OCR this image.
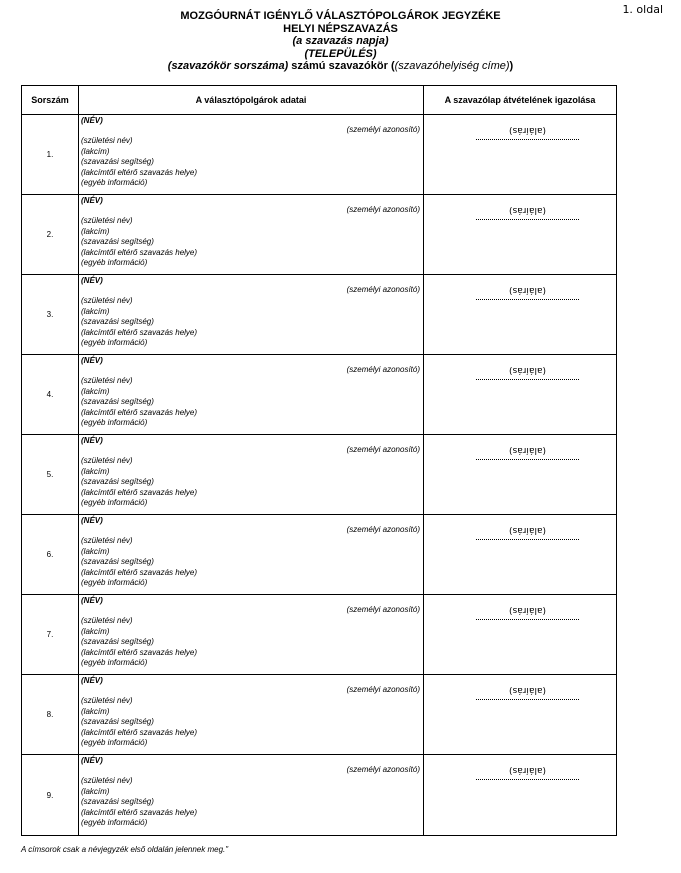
1. oldal
MOZGÓURNÁT IGÉNYLŐ VÁLASZTÓPOLGÁROK JEGYZÉKE
HELYI NÉPSZAVAZÁS
(a szavazás napja)
(TELEPÜLÉS)
(szavazókör sorszáma) számú szavazókör ((szavazóhelyiség címe))
Sorszám	A választópolgárok adatai	A szavazólap átvételének igazolása
1.
(NÉV)
(személyi azonosító)
(születési név)
(lakcím)
(szavazási segítség)
(lakcímtől eltérő szavazás helye)
(egyéb információ)
(aláírás)
2.
(NÉV)
(személyi azonosító)
(születési név)
(lakcím)
(szavazási segítség)
(lakcímtől eltérő szavazás helye)
(egyéb információ)
(aláírás)
3.
(NÉV)
(személyi azonosító)
(születési név)
(lakcím)
(szavazási segítség)
(lakcímtől eltérő szavazás helye)
(egyéb információ)
(aláírás)
4.
(NÉV)
(személyi azonosító)
(születési név)
(lakcím)
(szavazási segítség)
(lakcímtől eltérő szavazás helye)
(egyéb információ)
(aláírás)
5.
(NÉV)
(személyi azonosító)
(születési név)
(lakcím)
(szavazási segítség)
(lakcímtől eltérő szavazás helye)
(egyéb információ)
(aláírás)
6.
(NÉV)
(személyi azonosító)
(születési név)
(lakcím)
(szavazási segítség)
(lakcímtől eltérő szavazás helye)
(egyéb információ)
(aláírás)
7.
(NÉV)
(személyi azonosító)
(születési név)
(lakcím)
(szavazási segítség)
(lakcímtől eltérő szavazás helye)
(egyéb információ)
(aláírás)
8.
(NÉV)
(személyi azonosító)
(születési név)
(lakcím)
(szavazási segítség)
(lakcímtől eltérő szavazás helye)
(egyéb információ)
(aláírás)
9.
(NÉV)
(személyi azonosító)
(születési név)
(lakcím)
(szavazási segítség)
(lakcímtől eltérő szavazás helye)
(egyéb információ)
(aláírás)
A címsorok csak a névjegyzék első oldalán jelennek meg."
